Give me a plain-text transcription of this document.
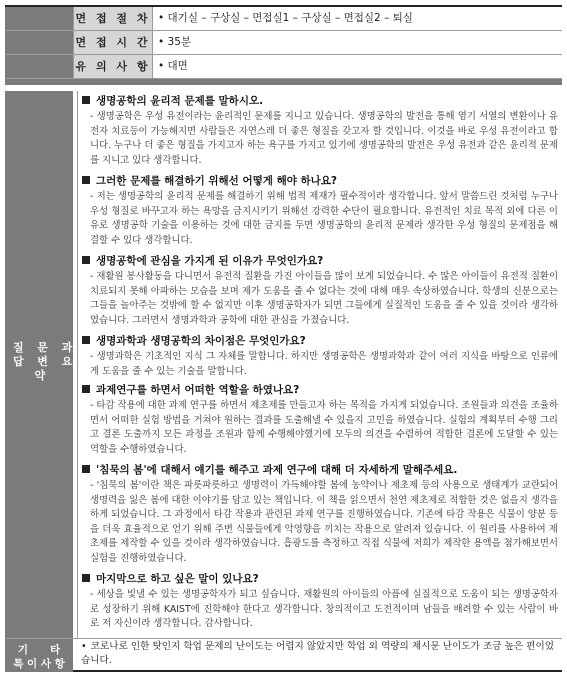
면 접 절 차 • 대기실 – 구상실 – 면접실1 – 구상실 – 면접실2 – 퇴실
면 접 시 간 • 35분
유 의 사 항 • 대면
질  문  과
답  변  요
약
생명공학의 윤리적 문제를 말하시오.
- 생명공학은 우성 유전이라는 윤리적인 문제를 지니고 있습니다. 생명공학의 발전을 통해 염기 서열의 변환이나 유전자 치료등이 가능해지면 사람들은 자연스레 더 좋은 형질을 갖고자 할 것입니다. 이것을 바로 우성 유전이라고 합니다. 누구나 더 좋은 형질을 가지고자 하는 욕구를 가지고 있기에 생명공학의 발전은 우성 유전과 같은 윤리적 문제를 지니고 있다 생각합니다.
그러한 문제를 해결하기 위해선 어떻게 해야 하나요?
- 저는 생명공학의 윤리적 문제를 해결하기 위해 법적 제재가 필수적이라 생각합니다. 앞서 말씀드린 것처럼 누구나 우성 형질로 바꾸고자 하는 욕망을 금지시키기 위해선 강력한 수단이 필요합니다. 유전적인 치료 목적 외에 다른 이유로 생명공학 기술을 이용하는 것에 대한 금지를 두면 생명공학의 윤리적 문제라 생각한 우성 형질의 문제점을 해결할 수 있다 생각합니다.
생명공학에 관심을 가지게 된 이유가 무엇인가요?
- 재활원 봉사활동을 다니면서 유전적 질환을 가진 아이들을 많이 보게 되었습니다. 수 많은 아이들이 유전적 질환이 치료되지 못해 아파하는 모습을 보며 제가 도움을 줄 수 없다는 것에 대해 매우 속상하였습니다. 학생의 신분으로는 그들을 놀아주는 것밖에 할 수 없지만 이후 생명공학자가 되면 그들에게 실질적인 도움을 줄 수 있을 것이라 생각하였습니다. 그러면서 생명과학과 공학에 대한 관심을 가졌습니다.
생명과학과 생명공학의 차이점은 무엇인가요?
- 생명과학은 기초적인 지식 그 자체를 말합니다. 하지만 생명공학은 생명과학과 같이 여러 지식을 바탕으로 인류에게 도움을 줄 수 있는 기술을 말합니다.
과제연구를 하면서 어떠한 역할을 하였나요?
- 타감 작용에 대한 과제 연구를 하면서 제초제를 만들고자 하는 목적을 가지게 되었습니다. 조원들과 의견을 조율하면서 어떠한 실험 방법을 거쳐야 원하는 결과를 도출해낼 수 있을지 고민을 하였습니다. 실험의 계획부터 수행 그리고 결론 도출까지 모든 과정을 조원과 함께 수행해야했기에 모두의 의견을 수렴하여 적합한 결론에 도달할 수 있는 역할을 수행하였습니다.
'침묵의 봄'에 대해서 얘기를 해주고 과제 연구에 대해 더 자세하게 말해주세요.
- '침묵의 봄'이란 책은 파릇파릇하고 생명력이 가득해야할 봄에 농약이나 제초제 등의 사용으로 생태계가 교란되어 생명력을 잃은 봄에 대한 이야기를 담고 있는 책입니다. 이 책을 읽으면서 천연 제초제로 적합한 것은 없을지 생각을 하게 되었습니다. 그 과정에서 타감 작용과 관련된 과제 연구를 진행하였습니다. 기존에 타감 작용은 식물이 양분 등을 더욱 효율적으로 얻기 위해 주변 식물들에게 악영향을 끼치는 작용으로 알려져 있습니다. 이 원리를 사용하여 제초제를 제작할 수 있을 것이라 생각하였습니다. 흡광도를 측정하고 직접 식물에 저희가 제작한 용액을 첨가해보면서 실험을 진행하였습니다.
마지막으로 하고 싶은 말이 있나요?
- 세상을 빛낼 수 있는 생명공학자가 되고 싶습니다. 재활원의 아이들의 아픔에 실질적으로 도움이 되는 생명공학자로 성장하기 위해 KAIST에 진학해야 한다고 생각합니다. 창의적이고 도전적이며 남들을 배려할 수 있는 사람이 바로 저 자신이라 생각합니다. 감사합니다.
기      타
특 이 사 항
• 코로나로 인한 탓인지 학업 문제의 난이도는 어렵지 않았지만 학업 외 역량의 제시문 난이도가 조금 높은 편이었습니다.
